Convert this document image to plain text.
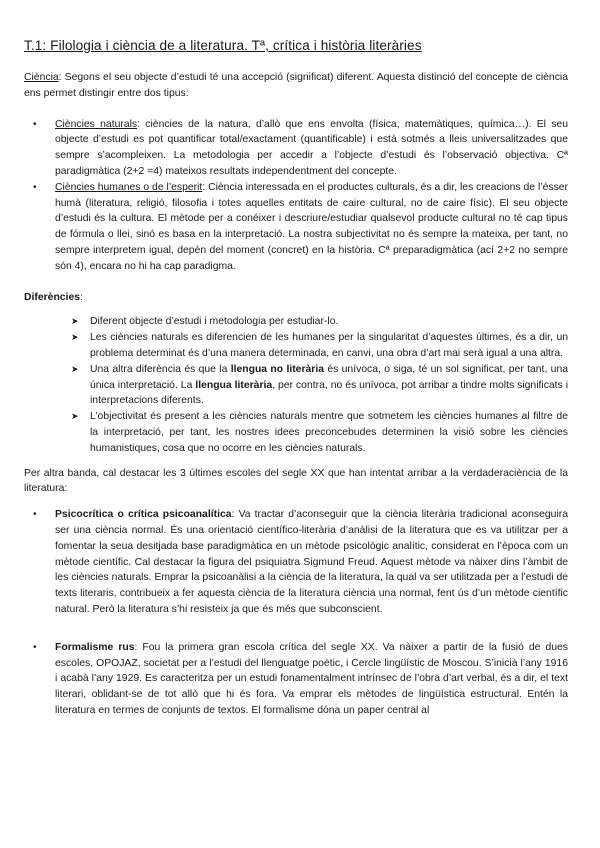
T.1: Filologia i ciència de a literatura. Tª, crítica i història literàries

Ciència: Segons el seu objecte d’estudi té una accepció (significat) diferent. Aquesta distinció del concepte de ciència ens permet distingir entre dos tipus:

• Ciències naturals: ciències de la natura, d’allò que ens envolta (física, matemàtiques, química…). El seu objecte d’estudi es pot quantificar total/exactament (quantificable) i està sotmés a lleis universalitzades que sempre s’acompleixen. La metodologia per accedir a l’objecte d’estudi és l’observació objectiva. Cª paradigmàtica (2+2 =4) mateixos resultats independentment del concepte.
• Ciències humanes o de l’esperit: Ciència interessada en el productes culturals, és a dir, les creacions de l’ésser humà (literatura, religió, filosofia i totes aquelles entitats de caire cultural, no de caire físic). El seu objecte d’estudi és la cultura. El mètode per a conéixer i descriure/estudiar qualsevol producte cultural no té cap tipus de fórmula o llei, sinó es basa en la interpretació. La nostra subjectivitat no és sempre la mateixa, per tant, no sempre interpretem igual, depèn del moment (concret) en la història. Cª preparadigmàtica (ací 2+2 no sempre són 4), encara no hi ha cap paradigma.

Diferències:

➤ Diferent objecte d’estudi i metodologia per estudiar-lo.
➤ Les ciències naturals es diferencien de les humanes per la singularitat d’aquestes últimes, és a dir, un problema determinat és d’una manera determinada, en canvi, una obra d’art mai serà igual a una altra.
➤ Una altra diferència és que la llengua no literària és unívoca, o siga, té un sol significat, per tant, una única interpretació. La llengua literària, per contra, no és unívoca, pot arribar a tindre molts significats i interpretacions diferents.
➤ L’objectivitat és present a les ciències naturals mentre que sotmetem les ciències humanes al filtre de la interpretació, per tant, les nostres idees preconcebudes determinen la visió sobre les ciències humanistiques, cosa que no ocorre en les ciències naturals.

Per altra banda, cal destacar les 3 últimes escoles del segle XX que han intentat arribar a la verdaderaciència de la literatura:

• Psicocrítica o crítica psicoanalítica: Va tractar d’aconseguir que la ciència literària tradicional aconseguira ser una ciència normal. És una orientació científico-literària d’anàlisi de la literatura que es va utilitzar per a fomentar la seua desitjada base paradigmàtica en un mètode psicològic analític, considerat en l’època com un mètode científic. Cal destacar la figura del psiquiatra Sigmund Freud. Aquest mètode va nàixer dins l’àmbit de les ciències naturals. Emprar la psicoanàlisi a la ciència de la literatura, la qual va ser utilitzada per a l’estudi de texts literaris, contribueix a fer aquesta ciència de la literatura ciència una normal, fent ús d’un mètode científic natural. Però la literatura s’hi resisteix ja que és més que subconscient.
• Formalisme rus: Fou la primera gran escola crítica del segle XX. Va nàixer a partir de la fusió de dues escoles, OPOJAZ, societat per a l’estudi del llenguatge poètic, i Cercle lingüístic de Moscou. S’inicià l’any 1916 i acabà l’any 1929. Es caracteritza per un estudi fonamentalment intrínsec de l’obra d’art verbal, és a dir, el text literari, oblidant-se de tot allò que hi és fora. Va emprar els mètodes de lingüística estructural. Entén la literatura en termes de conjunts de textos. El formalisme dóna un paper central al
